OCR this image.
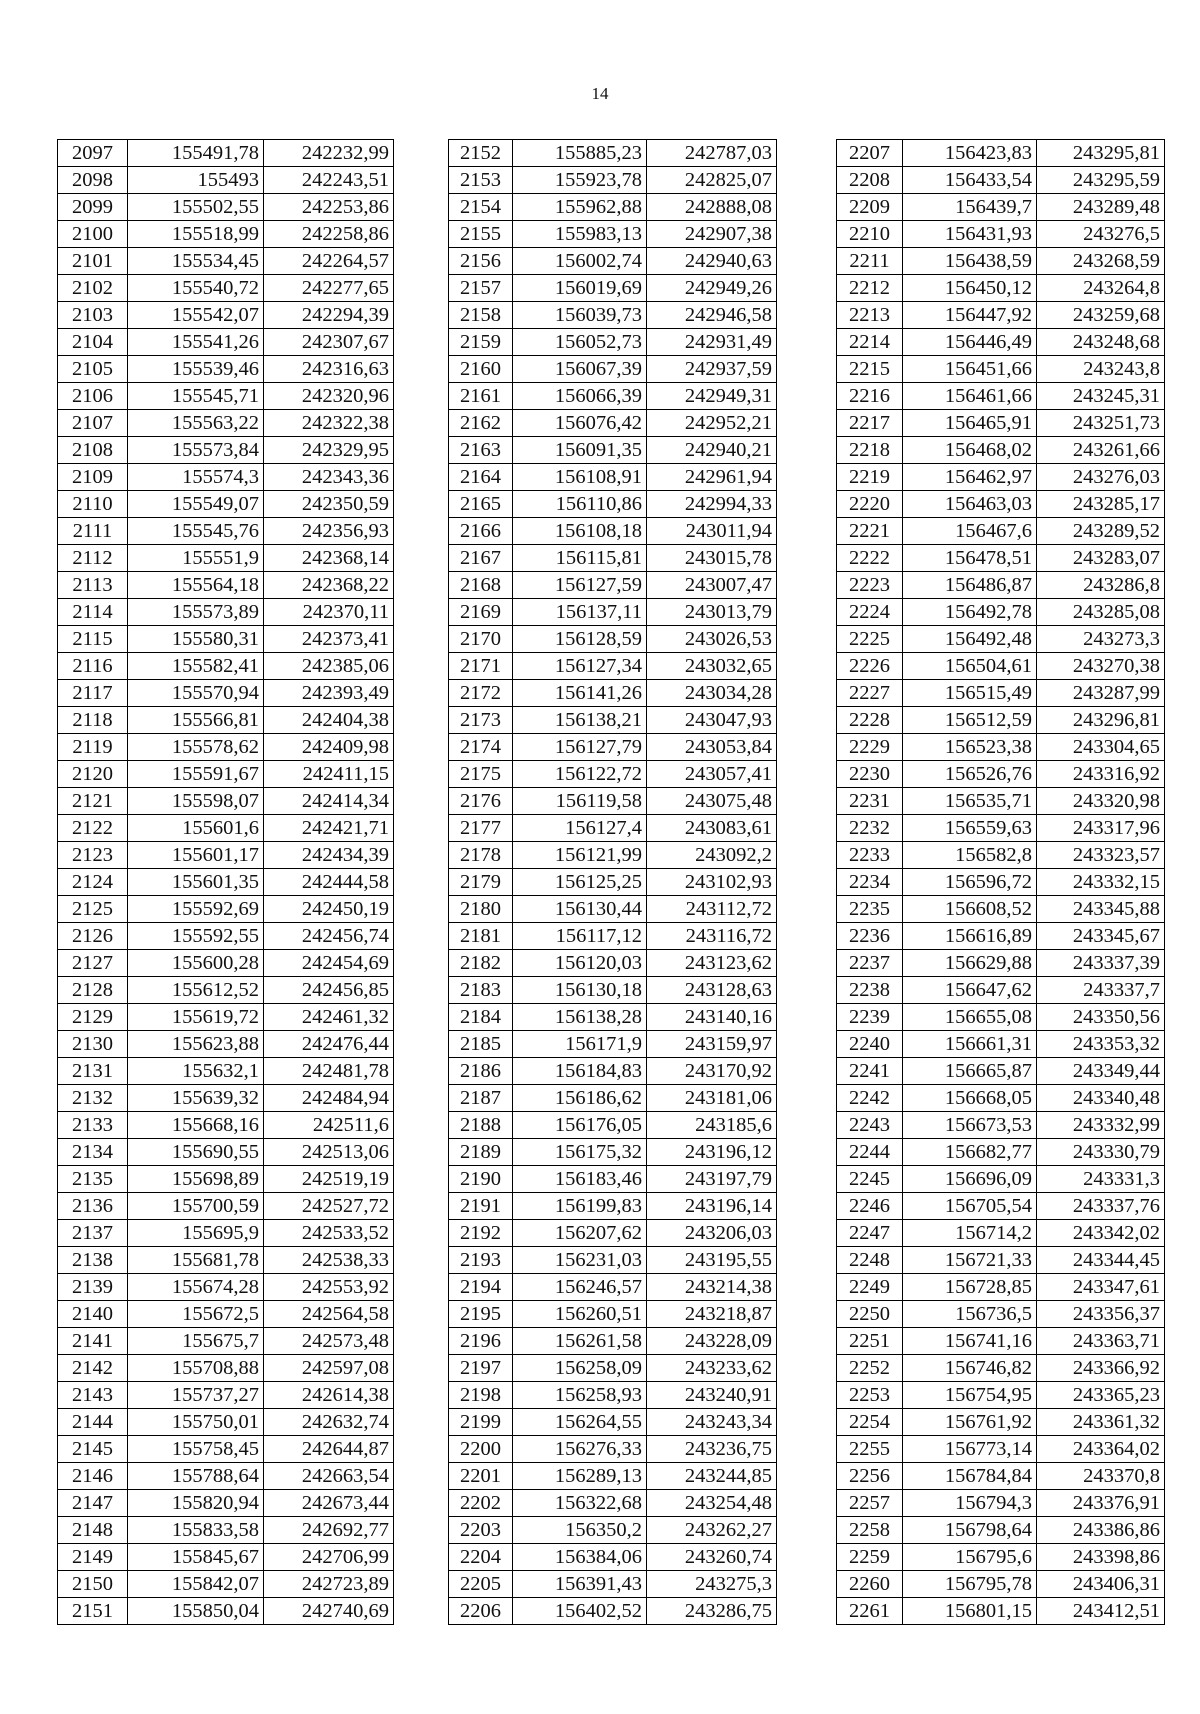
14
2097	155491,78	242232,99
2098	155493	242243,51
2099	155502,55	242253,86
2100	155518,99	242258,86
2101	155534,45	242264,57
2102	155540,72	242277,65
2103	155542,07	242294,39
2104	155541,26	242307,67
2105	155539,46	242316,63
2106	155545,71	242320,96
2107	155563,22	242322,38
2108	155573,84	242329,95
2109	155574,3	242343,36
2110	155549,07	242350,59
2111	155545,76	242356,93
2112	155551,9	242368,14
2113	155564,18	242368,22
2114	155573,89	242370,11
2115	155580,31	242373,41
2116	155582,41	242385,06
2117	155570,94	242393,49
2118	155566,81	242404,38
2119	155578,62	242409,98
2120	155591,67	242411,15
2121	155598,07	242414,34
2122	155601,6	242421,71
2123	155601,17	242434,39
2124	155601,35	242444,58
2125	155592,69	242450,19
2126	155592,55	242456,74
2127	155600,28	242454,69
2128	155612,52	242456,85
2129	155619,72	242461,32
2130	155623,88	242476,44
2131	155632,1	242481,78
2132	155639,32	242484,94
2133	155668,16	242511,6
2134	155690,55	242513,06
2135	155698,89	242519,19
2136	155700,59	242527,72
2137	155695,9	242533,52
2138	155681,78	242538,33
2139	155674,28	242553,92
2140	155672,5	242564,58
2141	155675,7	242573,48
2142	155708,88	242597,08
2143	155737,27	242614,38
2144	155750,01	242632,74
2145	155758,45	242644,87
2146	155788,64	242663,54
2147	155820,94	242673,44
2148	155833,58	242692,77
2149	155845,67	242706,99
2150	155842,07	242723,89
2151	155850,04	242740,69
2152	155885,23	242787,03
2153	155923,78	242825,07
2154	155962,88	242888,08
2155	155983,13	242907,38
2156	156002,74	242940,63
2157	156019,69	242949,26
2158	156039,73	242946,58
2159	156052,73	242931,49
2160	156067,39	242937,59
2161	156066,39	242949,31
2162	156076,42	242952,21
2163	156091,35	242940,21
2164	156108,91	242961,94
2165	156110,86	242994,33
2166	156108,18	243011,94
2167	156115,81	243015,78
2168	156127,59	243007,47
2169	156137,11	243013,79
2170	156128,59	243026,53
2171	156127,34	243032,65
2172	156141,26	243034,28
2173	156138,21	243047,93
2174	156127,79	243053,84
2175	156122,72	243057,41
2176	156119,58	243075,48
2177	156127,4	243083,61
2178	156121,99	243092,2
2179	156125,25	243102,93
2180	156130,44	243112,72
2181	156117,12	243116,72
2182	156120,03	243123,62
2183	156130,18	243128,63
2184	156138,28	243140,16
2185	156171,9	243159,97
2186	156184,83	243170,92
2187	156186,62	243181,06
2188	156176,05	243185,6
2189	156175,32	243196,12
2190	156183,46	243197,79
2191	156199,83	243196,14
2192	156207,62	243206,03
2193	156231,03	243195,55
2194	156246,57	243214,38
2195	156260,51	243218,87
2196	156261,58	243228,09
2197	156258,09	243233,62
2198	156258,93	243240,91
2199	156264,55	243243,34
2200	156276,33	243236,75
2201	156289,13	243244,85
2202	156322,68	243254,48
2203	156350,2	243262,27
2204	156384,06	243260,74
2205	156391,43	243275,3
2206	156402,52	243286,75
2207	156423,83	243295,81
2208	156433,54	243295,59
2209	156439,7	243289,48
2210	156431,93	243276,5
2211	156438,59	243268,59
2212	156450,12	243264,8
2213	156447,92	243259,68
2214	156446,49	243248,68
2215	156451,66	243243,8
2216	156461,66	243245,31
2217	156465,91	243251,73
2218	156468,02	243261,66
2219	156462,97	243276,03
2220	156463,03	243285,17
2221	156467,6	243289,52
2222	156478,51	243283,07
2223	156486,87	243286,8
2224	156492,78	243285,08
2225	156492,48	243273,3
2226	156504,61	243270,38
2227	156515,49	243287,99
2228	156512,59	243296,81
2229	156523,38	243304,65
2230	156526,76	243316,92
2231	156535,71	243320,98
2232	156559,63	243317,96
2233	156582,8	243323,57
2234	156596,72	243332,15
2235	156608,52	243345,88
2236	156616,89	243345,67
2237	156629,88	243337,39
2238	156647,62	243337,7
2239	156655,08	243350,56
2240	156661,31	243353,32
2241	156665,87	243349,44
2242	156668,05	243340,48
2243	156673,53	243332,99
2244	156682,77	243330,79
2245	156696,09	243331,3
2246	156705,54	243337,76
2247	156714,2	243342,02
2248	156721,33	243344,45
2249	156728,85	243347,61
2250	156736,5	243356,37
2251	156741,16	243363,71
2252	156746,82	243366,92
2253	156754,95	243365,23
2254	156761,92	243361,32
2255	156773,14	243364,02
2256	156784,84	243370,8
2257	156794,3	243376,91
2258	156798,64	243386,86
2259	156795,6	243398,86
2260	156795,78	243406,31
2261	156801,15	243412,51
